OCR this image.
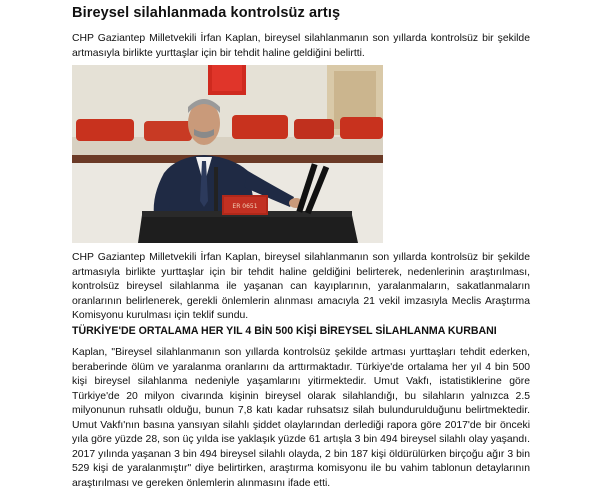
Bireysel silahlanmada kontrolsüz artış

CHP Gaziantep Milletvekili İrfan Kaplan, bireysel silahlanmanın son yıllarda kontrolsüz bir şekilde artmasıyla birlikte yurttaşlar için bir tehdit haline geldiğini belirtti.

ER 0651

CHP Gaziantep Milletvekili İrfan Kaplan, bireysel silahlanmanın son yıllarda kontrolsüz bir şekilde artmasıyla birlikte yurttaşlar için bir tehdit haline geldiğini belirterek, nedenlerinin araştırılması, kontrolsüz bireysel silahlanma ile yaşanan can kayıplarının, yaralanmaların, sakatlanmaların oranlarının belirlenerek, gerekli önlemlerin alınması amacıyla 21 vekil imzasıyla Meclis Araştırma Komisyonu kurulması için teklif sundu.

TÜRKİYE'DE ORTALAMA HER YIL 4 BİN 500 KİŞİ BİREYSEL SİLAHLANMA KURBANI

Kaplan, "Bireysel silahlanmanın son yıllarda kontrolsüz şekilde artması yurttaşları tehdit ederken, beraberinde ölüm ve yaralanma oranlarını da arttırmaktadır. Türkiye'de ortalama her yıl 4 bin 500 kişi bireysel silahlanma nedeniyle yaşamlarını yitirmektedir. Umut Vakfı, istatistiklerine göre Türkiye'de 20 milyon civarında kişinin bireysel olarak silahlandığı, bu silahların yalnızca 2.5 milyonunun ruhsatlı olduğu, bunun 7,8 katı kadar ruhsatsız silah bulundurulduğunu belirtmektedir. Umut Vakfı'nın basına yansıyan silahlı şiddet olaylarından derlediği rapora göre 2017'de bir önceki yıla göre yüzde 28, son üç yılda ise yaklaşık yüzde 61 artışla 3 bin 494 bireysel silahlı olay yaşandı. 2017 yılında yaşanan 3 bin 494 bireysel silahlı olayda, 2 bin 187 kişi öldürülürken birçoğu ağır 3 bin 529 kişi de yaralanmıştır" diye belirtirken, araştırma komisyonu ile bu vahim tablonun detaylarının araştırılması ve gereken önlemlerin alınmasını ifade etti.
